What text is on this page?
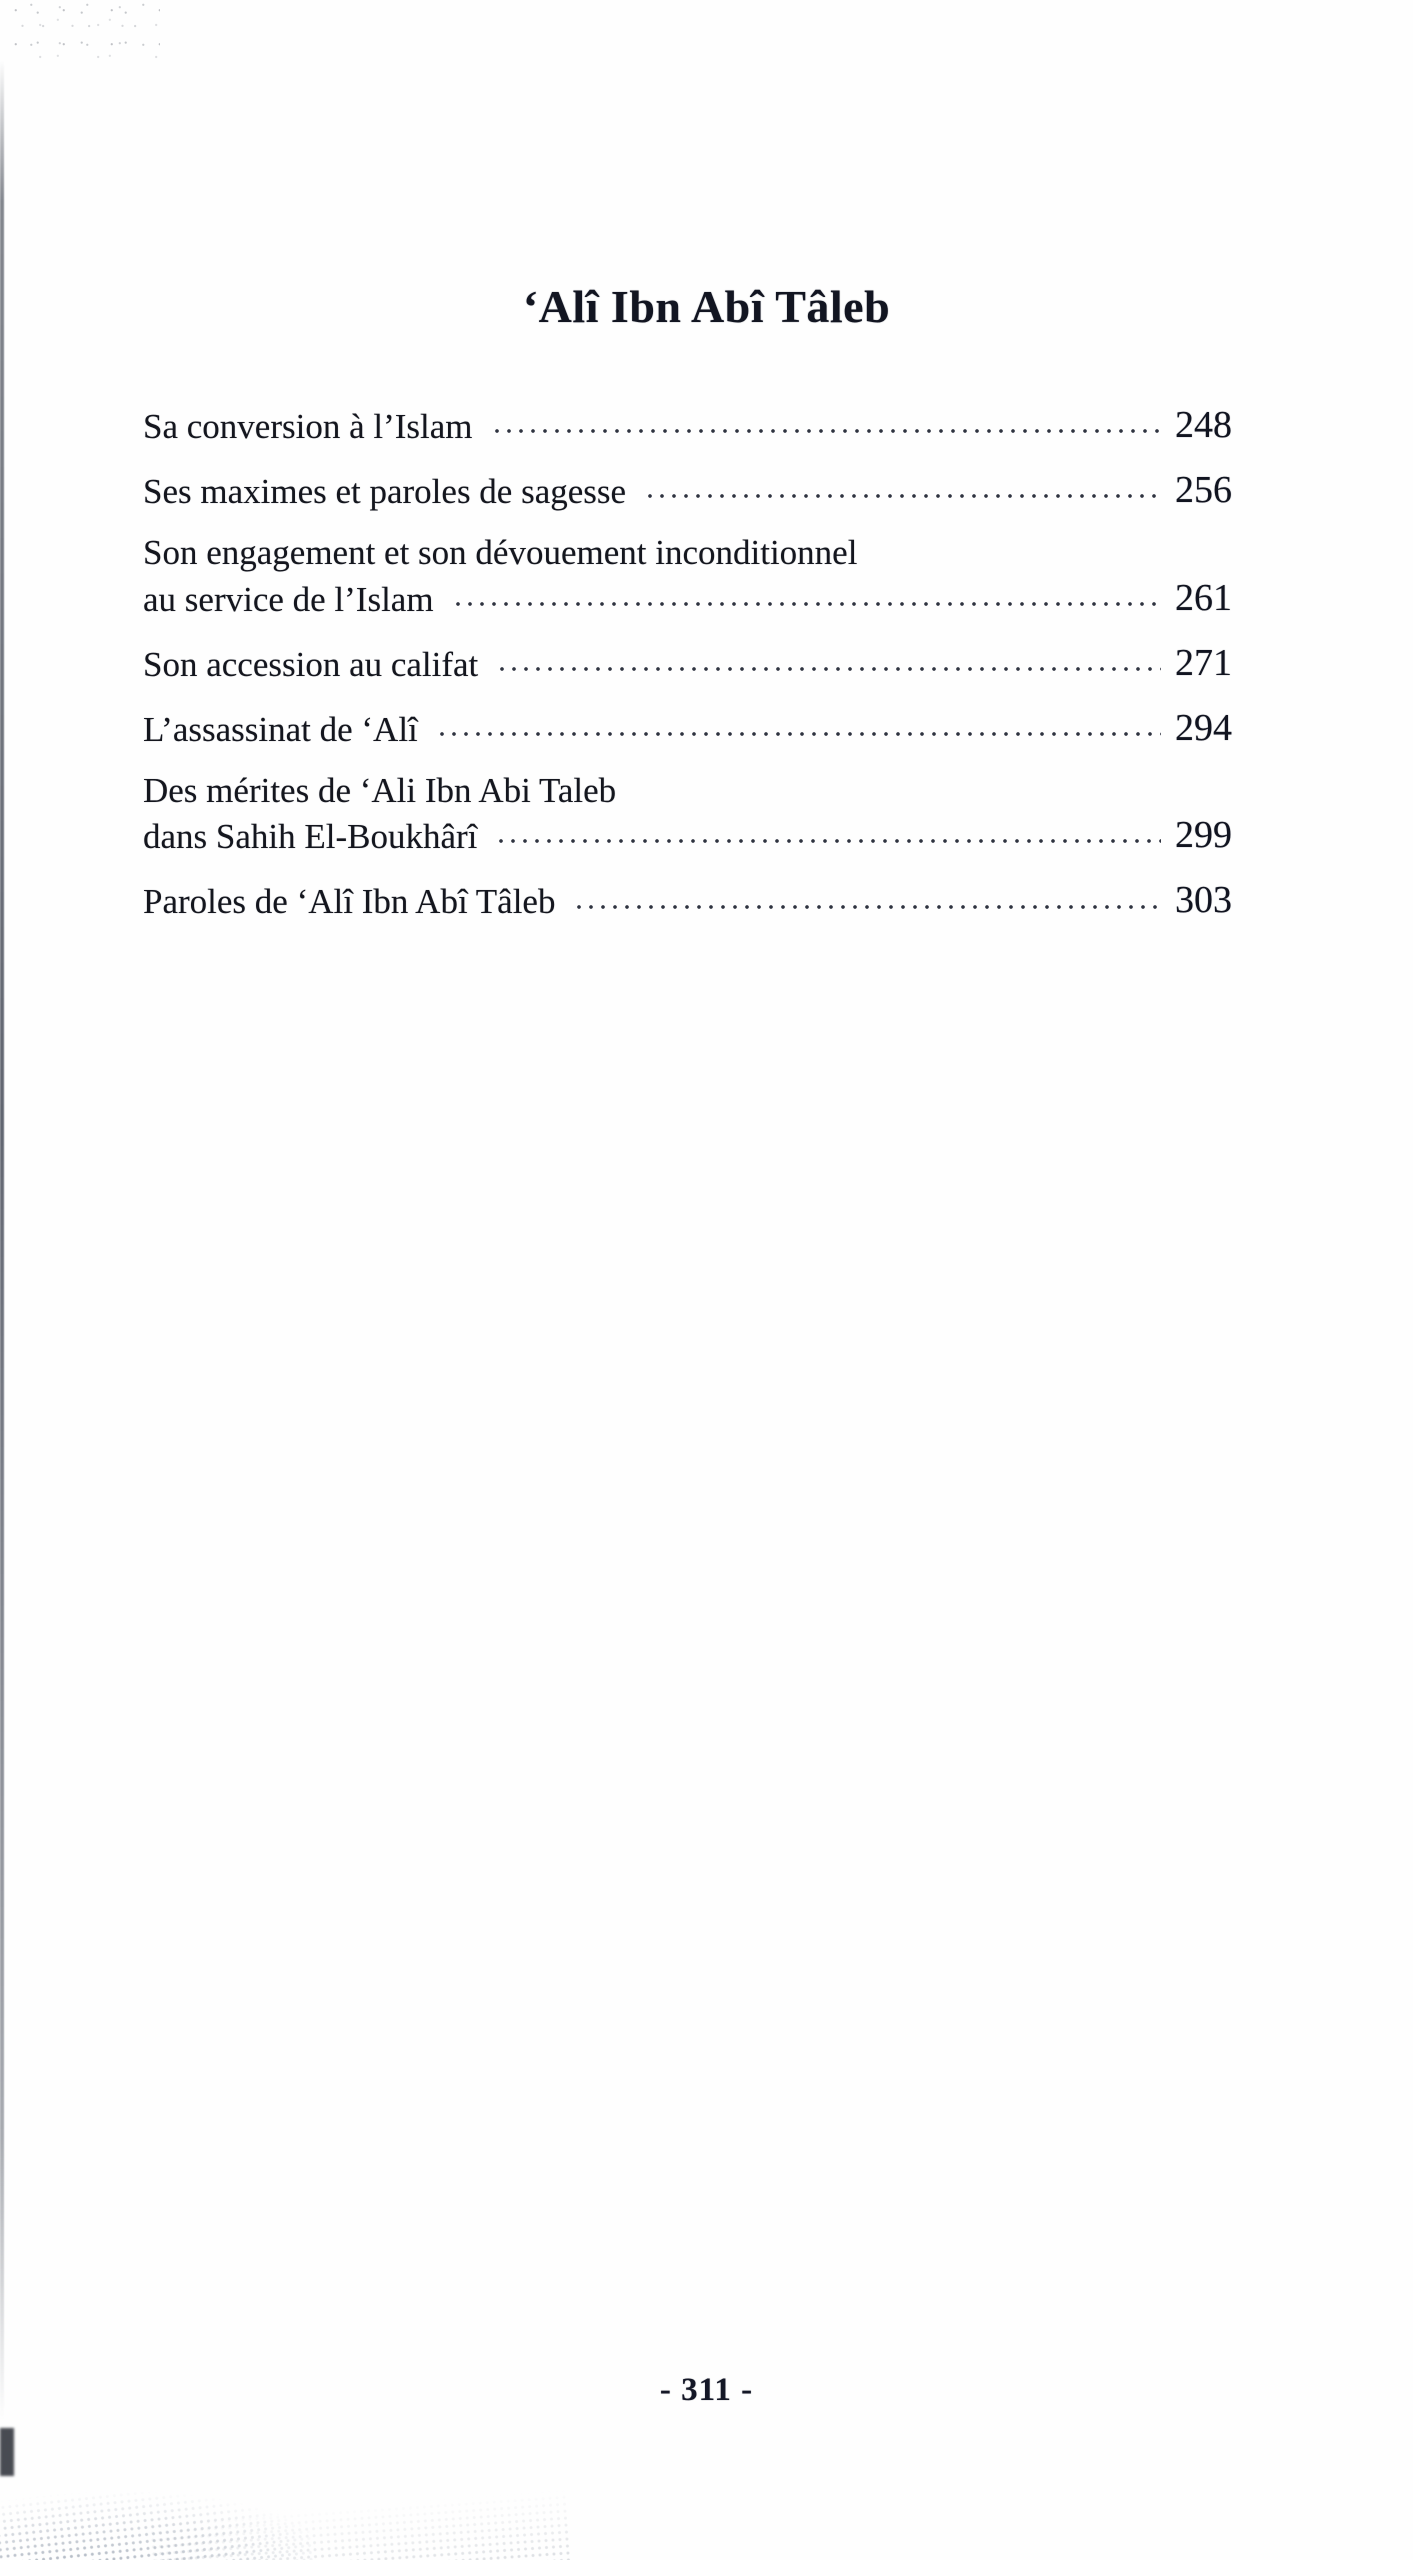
‘Alî Ibn Abî Tâleb
Sa conversion à l’Islam	248
Ses maximes et paroles de sagesse	256
Son engagement et son dévouement inconditionnel
au service de l’Islam	261
Son accession au califat	271
L’assassinat de ‘Alî	294
Des mérites de ‘Ali Ibn Abi Taleb
dans Sahih El-Boukhârî	299
Paroles de ‘Alî Ibn Abî Tâleb	303
- 311 -
